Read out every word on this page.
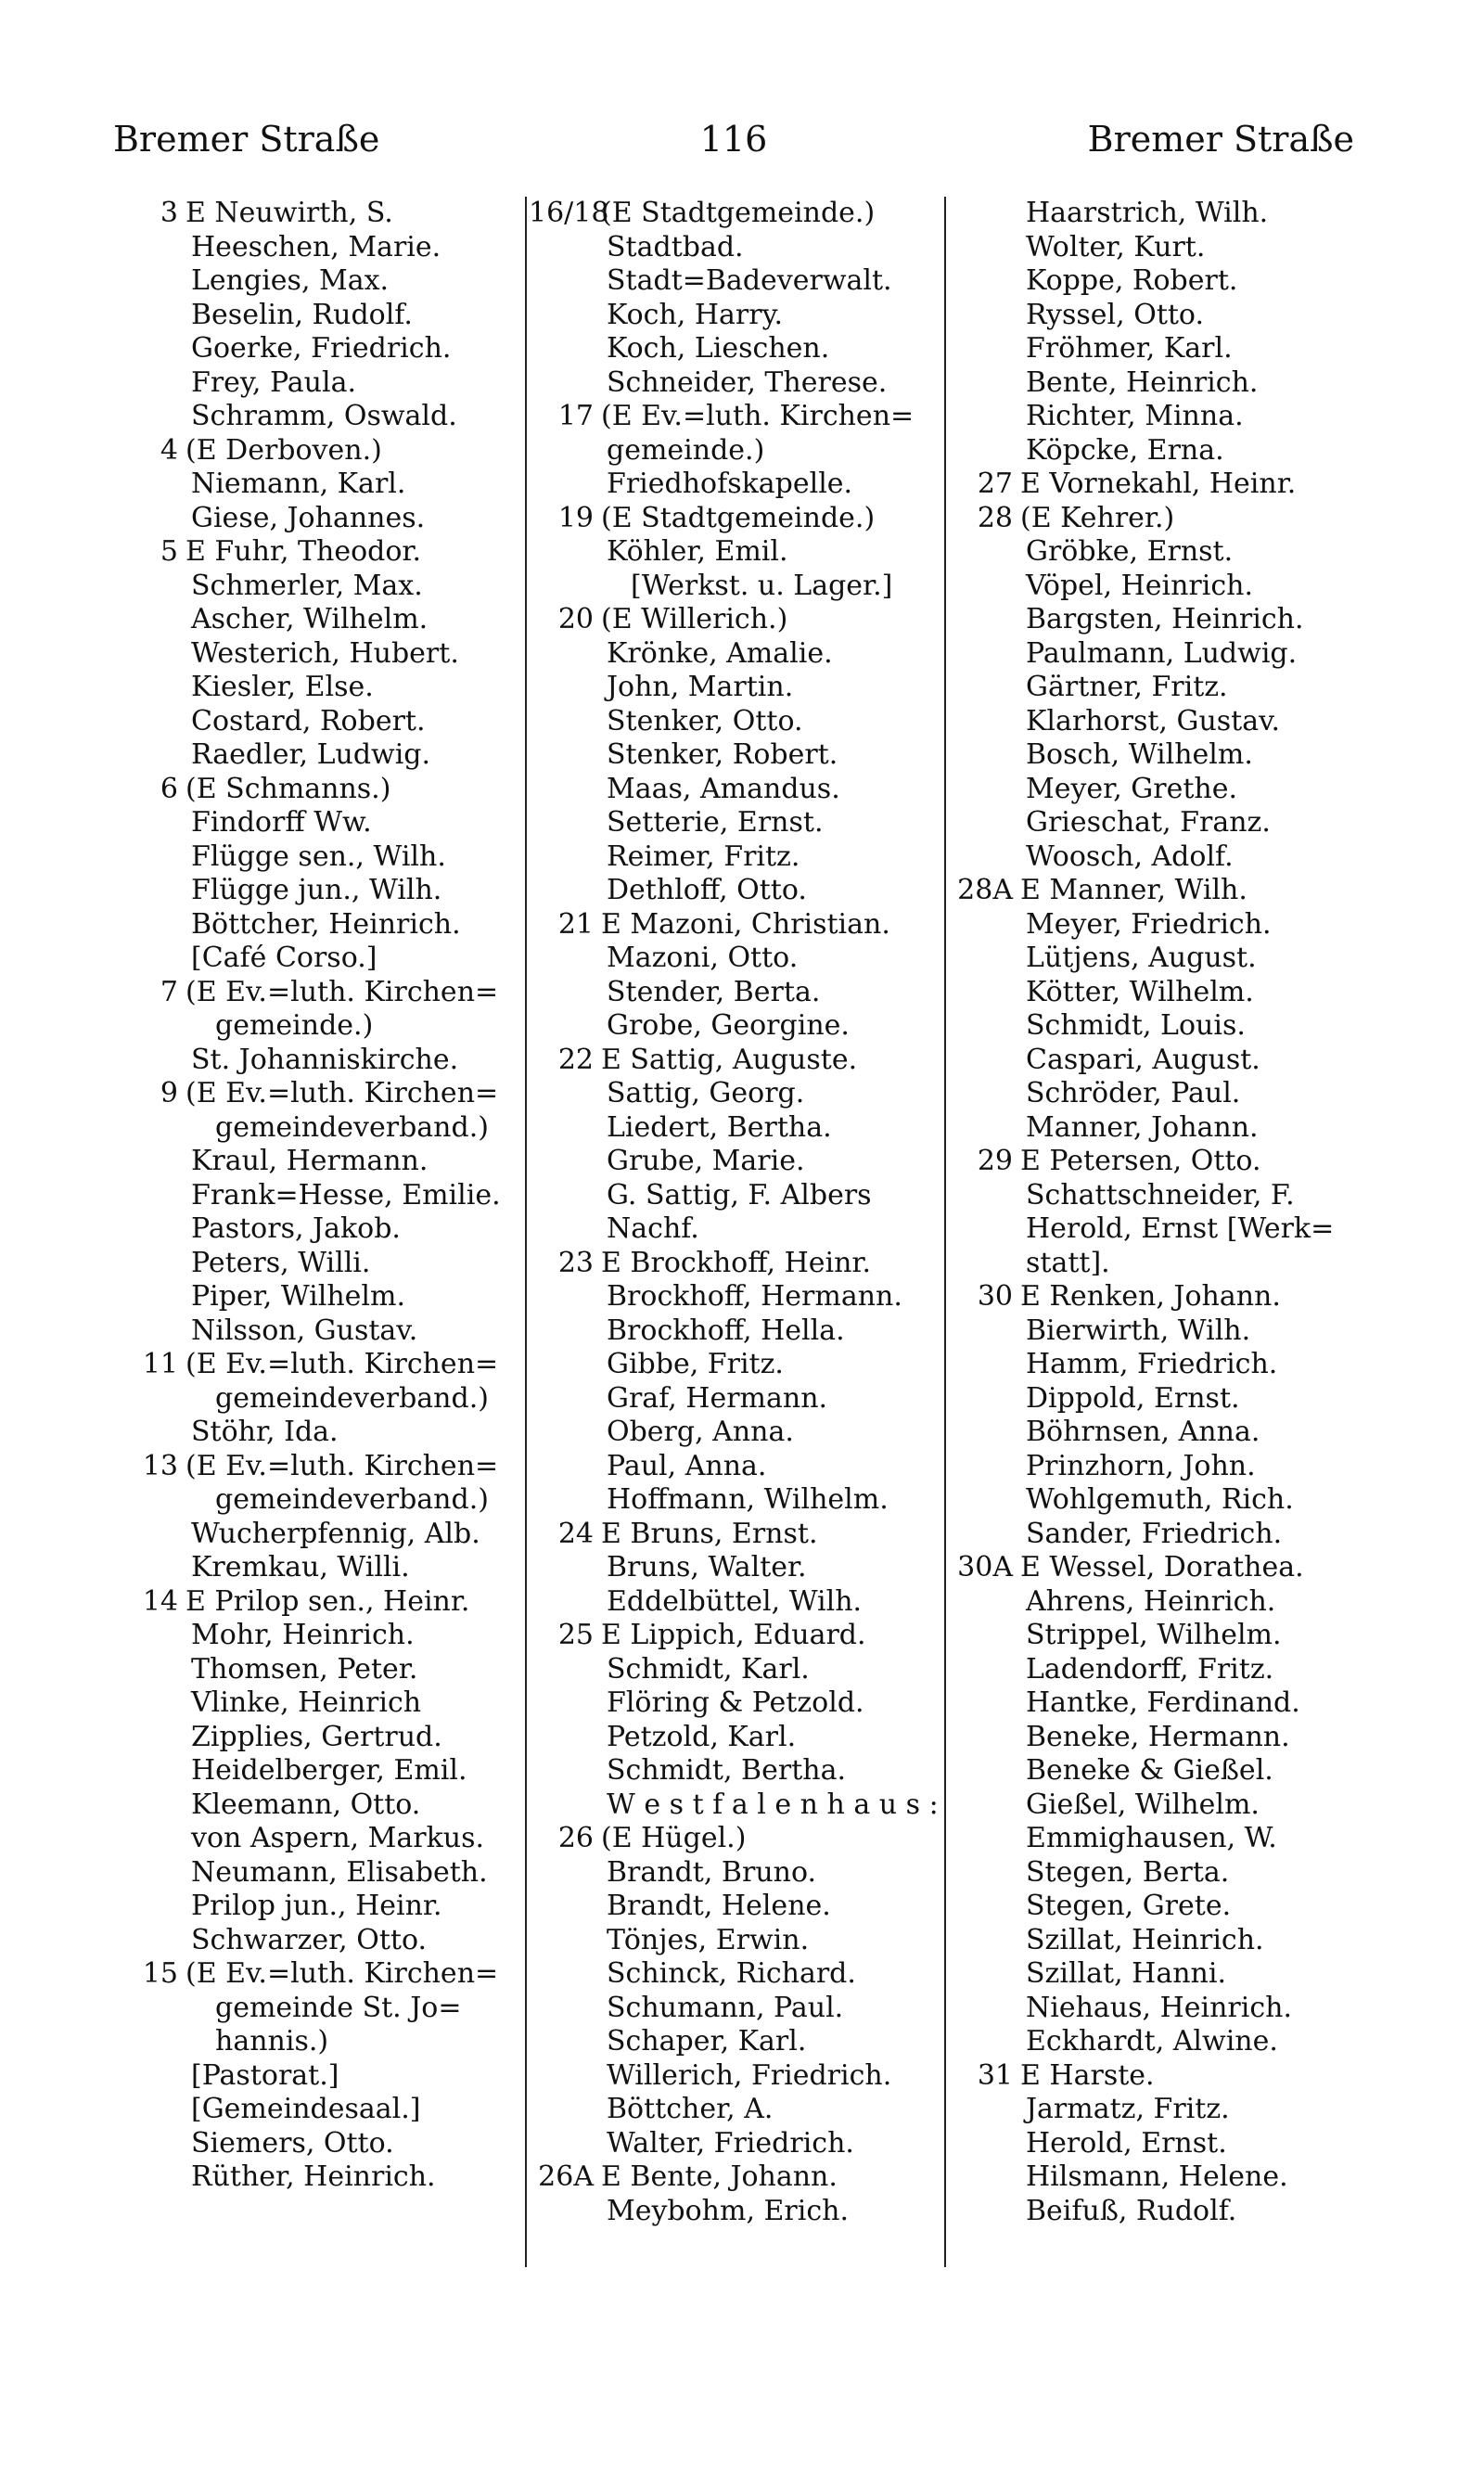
Bremer Straße	116	Bremer Straße
3 E Neuwirth, S.
Heeschen, Marie.
Lengies, Max.
Beselin, Rudolf.
Goerke, Friedrich.
Frey, Paula.
Schramm, Oswald.
4 (E Derboven.)
Niemann, Karl.
Giese, Johannes.
5 E Fuhr, Theodor.
Schmerler, Max.
Ascher, Wilhelm.
Westerich, Hubert.
Kiesler, Else.
Costard, Robert.
Raedler, Ludwig.
6 (E Schmanns.)
Findorff Ww.
Flügge sen., Wilh.
Flügge jun., Wilh.
Böttcher, Heinrich.
[Café Corso.]
7 (E Ev.=luth. Kirchen=
gemeinde.)
St. Johanniskirche.
9 (E Ev.=luth. Kirchen=
gemeindeverband.)
Kraul, Hermann.
Frank=Hesse, Emilie.
Pastors, Jakob.
Peters, Willi.
Piper, Wilhelm.
Nilsson, Gustav.
11 (E Ev.=luth. Kirchen=
gemeindeverband.)
Stöhr, Ida.
13 (E Ev.=luth. Kirchen=
gemeindeverband.)
Wucherpfennig, Alb.
Kremkau, Willi.
14 E Prilop sen., Heinr.
Mohr, Heinrich.
Thomsen, Peter.
Vlinke, Heinrich
Zipplies, Gertrud.
Heidelberger, Emil.
Kleemann, Otto.
von Aspern, Markus.
Neumann, Elisabeth.
Prilop jun., Heinr.
Schwarzer, Otto.
15 (E Ev.=luth. Kirchen=
gemeinde St. Jo=
hannis.)
[Pastorat.]
[Gemeindesaal.]
Siemers, Otto.
Rüther, Heinrich.
16/18
(E Stadtgemeinde.)
Stadtbad.
Stadt=Badeverwalt.
Koch, Harry.
Koch, Lieschen.
Schneider, Therese.
17 (E Ev.=luth. Kirchen=
gemeinde.)
Friedhofskapelle.
19 (E Stadtgemeinde.)
Köhler, Emil.
[Werkst. u. Lager.]
20 (E Willerich.)
Krönke, Amalie.
John, Martin.
Stenker, Otto.
Stenker, Robert.
Maas, Amandus.
Setterie, Ernst.
Reimer, Fritz.
Dethloff, Otto.
21 E Mazoni, Christian.
Mazoni, Otto.
Stender, Berta.
Grobe, Georgine.
22 E Sattig, Auguste.
Sattig, Georg.
Liedert, Bertha.
Grube, Marie.
G. Sattig, F. Albers
Nachf.
23 E Brockhoff, Heinr.
Brockhoff, Hermann.
Brockhoff, Hella.
Gibbe, Fritz.
Graf, Hermann.
Oberg, Anna.
Paul, Anna.
Hoffmann, Wilhelm.
24 E Bruns, Ernst.
Bruns, Walter.
Eddelbüttel, Wilh.
25 E Lippich, Eduard.
Schmidt, Karl.
Flöring & Petzold.
Petzold, Karl.
Schmidt, Bertha.
W e s t f a l e n h a u s :
26 (E Hügel.)
Brandt, Bruno.
Brandt, Helene.
Tönjes, Erwin.
Schinck, Richard.
Schumann, Paul.
Schaper, Karl.
Willerich, Friedrich.
Böttcher, A.
Walter, Friedrich.
26A E Bente, Johann.
Meybohm, Erich.
Haarstrich, Wilh.
Wolter, Kurt.
Koppe, Robert.
Ryssel, Otto.
Fröhmer, Karl.
Bente, Heinrich.
Richter, Minna.
Köpcke, Erna.
27 E Vornekahl, Heinr.
28 (E Kehrer.)
Gröbke, Ernst.
Vöpel, Heinrich.
Bargsten, Heinrich.
Paulmann, Ludwig.
Gärtner, Fritz.
Klarhorst, Gustav.
Bosch, Wilhelm.
Meyer, Grethe.
Grieschat, Franz.
Woosch, Adolf.
28A E Manner, Wilh.
Meyer, Friedrich.
Lütjens, August.
Kötter, Wilhelm.
Schmidt, Louis.
Caspari, August.
Schröder, Paul.
Manner, Johann.
29 E Petersen, Otto.
Schattschneider, F.
Herold, Ernst [Werk=
statt].
30 E Renken, Johann.
Bierwirth, Wilh.
Hamm, Friedrich.
Dippold, Ernst.
Böhrnsen, Anna.
Prinzhorn, John.
Wohlgemuth, Rich.
Sander, Friedrich.
30A E Wessel, Dorathea.
Ahrens, Heinrich.
Strippel, Wilhelm.
Ladendorff, Fritz.
Hantke, Ferdinand.
Beneke, Hermann.
Beneke & Gießel.
Gießel, Wilhelm.
Emmighausen, W.
Stegen, Berta.
Stegen, Grete.
Szillat, Heinrich.
Szillat, Hanni.
Niehaus, Heinrich.
Eckhardt, Alwine.
31 E Harste.
Jarmatz, Fritz.
Herold, Ernst.
Hilsmann, Helene.
Beifuß, Rudolf.
